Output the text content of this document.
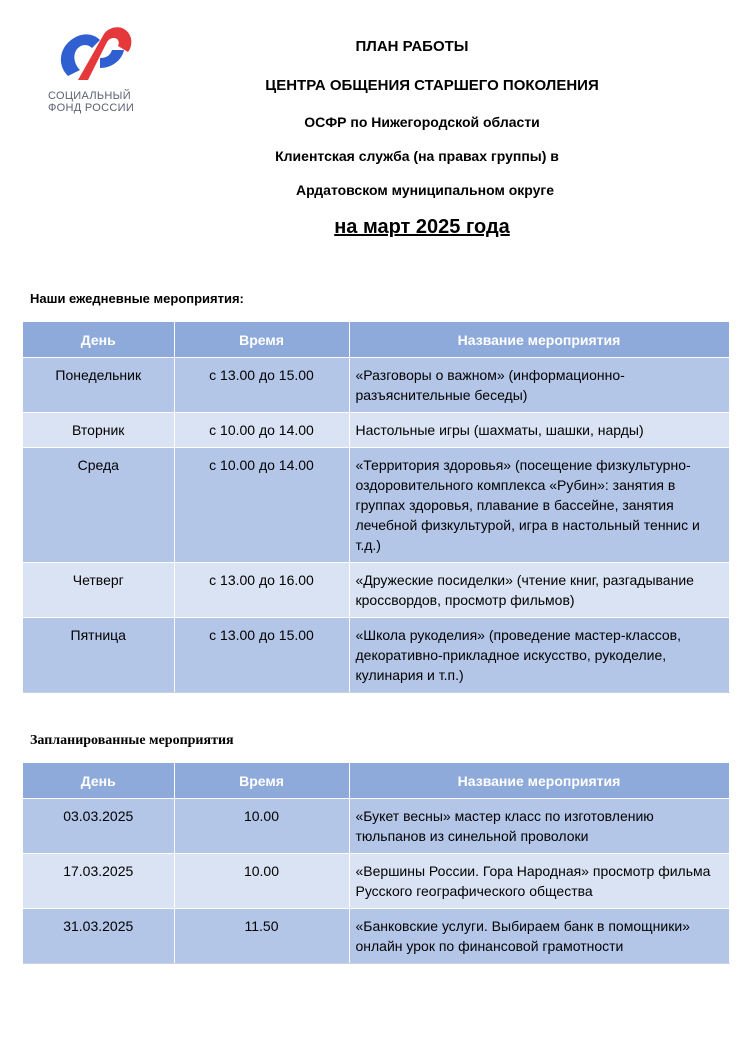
СОЦИАЛЬНЫЙ
ФОНД РОССИИ
ПЛАН РАБОТЫ
ЦЕНТРА ОБЩЕНИЯ СТАРШЕГО ПОКОЛЕНИЯ
ОСФР по Нижегородской области
Клиентская служба (на правах группы) в
Ардатовском муниципальном округе
на март 2025 года
Наши ежедневные мероприятия:
День	Время	Название мероприятия
Понедельник	с 13.00 до 15.00	«Разговоры о важном» (информационно-разъяснительные беседы)
Вторник	с 10.00 до 14.00	Настольные игры (шахматы, шашки, нарды)
Среда	с 10.00 до 14.00	«Территория здоровья» (посещение физкультурно-оздоровительного комплекса «Рубин»: занятия в группах здоровья, плавание в бассейне, занятия лечебной физкультурой, игра в настольный теннис и т.д.)
Четверг	с 13.00 до 16.00	«Дружеские посиделки» (чтение книг, разгадывание кроссвордов, просмотр фильмов)
Пятница	с 13.00 до 15.00	«Школа рукоделия» (проведение мастер-классов, декоративно-прикладное искусство, рукоделие, кулинария и т.п.)
Запланированные мероприятия
День	Время	Название мероприятия
03.03.2025	10.00	«Букет весны» мастер класс по изготовлению тюльпанов из синельной проволоки
17.03.2025	10.00	«Вершины России. Гора Народная» просмотр фильма Русского географического общества
31.03.2025	11.50	«Банковские услуги. Выбираем банк в помощники» онлайн урок по финансовой грамотности
